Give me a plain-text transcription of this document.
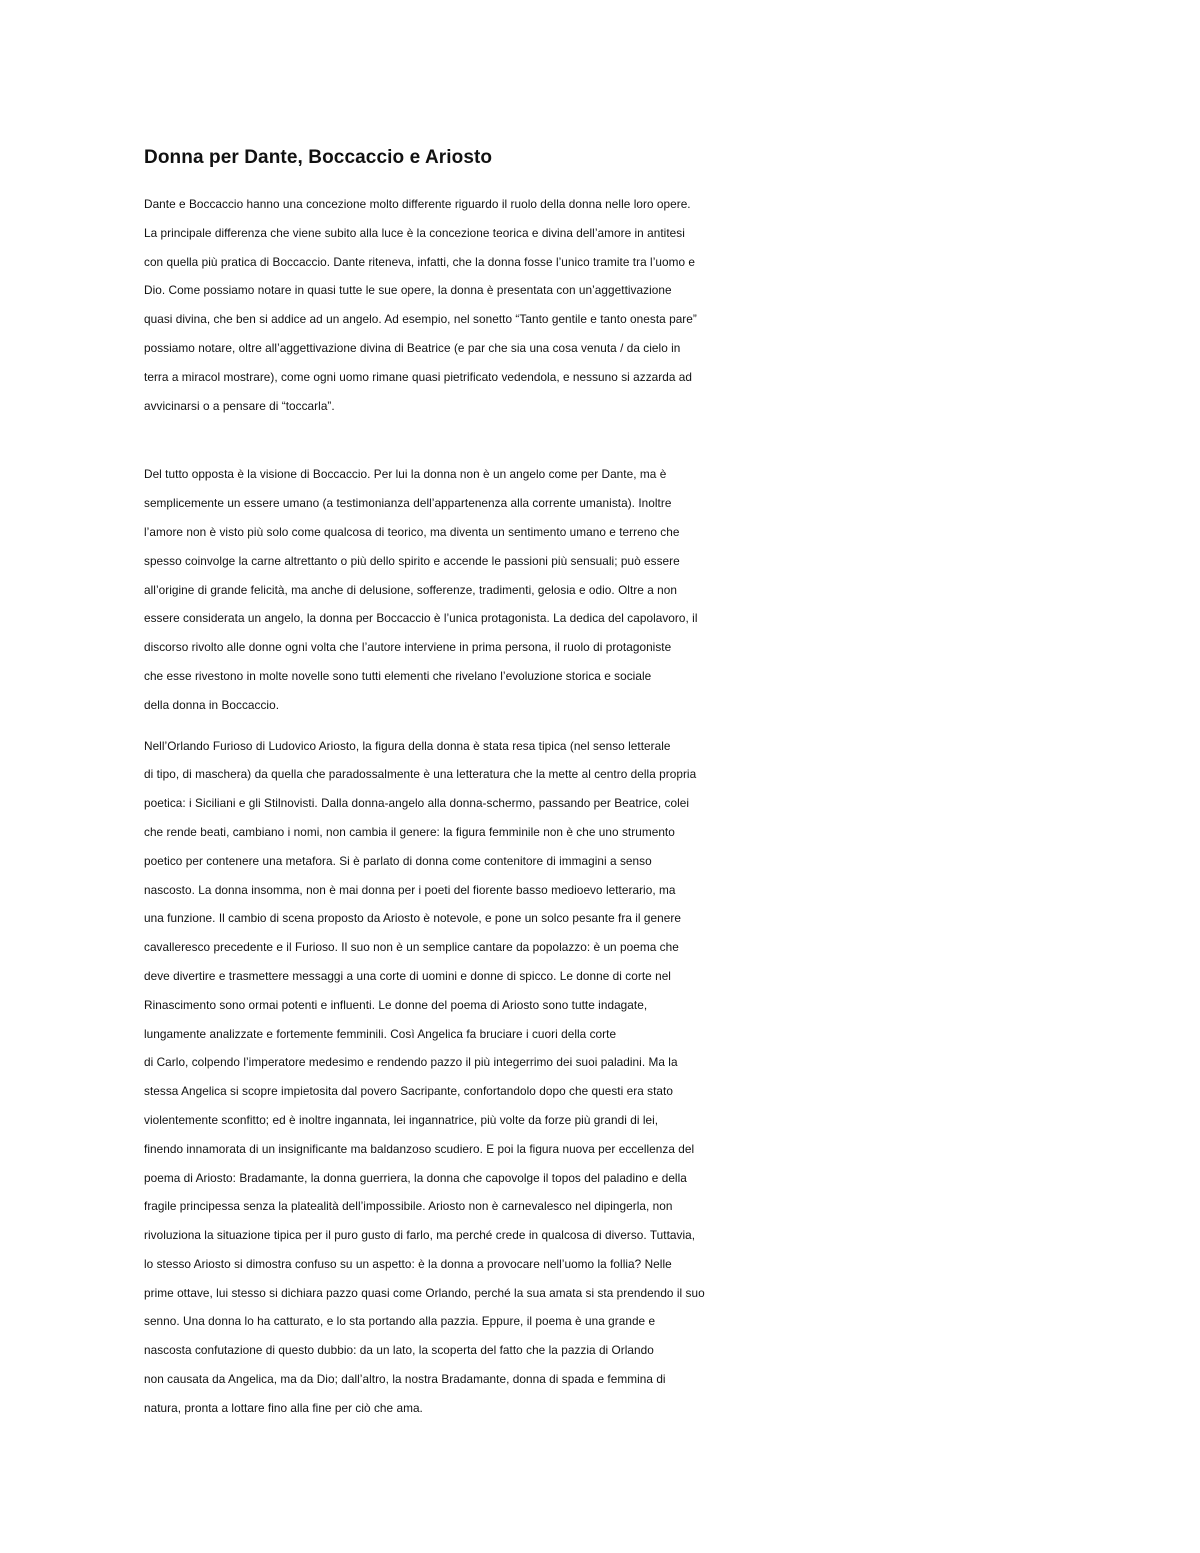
Donna per Dante, Boccaccio e Ariosto
Dante e Boccaccio hanno una concezione molto differente riguardo il ruolo della donna nelle loro opere.
La principale differenza che viene subito alla luce è la concezione teorica e divina dell’amore in antitesi
con quella più pratica di Boccaccio. Dante riteneva, infatti, che la donna fosse l’unico tramite tra l’uomo e
Dio. Come possiamo notare in quasi tutte le sue opere, la donna è presentata con un’aggettivazione
quasi divina, che ben si addice ad un angelo. Ad esempio, nel sonetto “Tanto gentile e tanto onesta pare”
possiamo notare, oltre all’aggettivazione divina di Beatrice (e par che sia una cosa venuta / da cielo in
terra a miracol mostrare), come ogni uomo rimane quasi pietrificato vedendola, e nessuno si azzarda ad
avvicinarsi o a pensare di “toccarla”.
Del tutto opposta è la visione di Boccaccio. Per lui la donna non è un angelo come per Dante, ma è
semplicemente un essere umano (a testimonianza dell’appartenenza alla corrente umanista). Inoltre
l’amore non è visto più solo come qualcosa di teorico, ma diventa un sentimento umano e terreno che
spesso coinvolge la carne altrettanto o più dello spirito e accende le passioni più sensuali; può essere
all’origine di grande felicità, ma anche di delusione, sofferenze, tradimenti, gelosia e odio. Oltre a non
essere considerata un angelo, la donna per Boccaccio è l’unica protagonista. La dedica del capolavoro, il
discorso rivolto alle donne ogni volta che l’autore interviene in prima persona, il ruolo di protagoniste
che esse rivestono in molte novelle sono tutti elementi che rivelano l’evoluzione storica e sociale
della donna in Boccaccio.
Nell’Orlando Furioso di Ludovico Ariosto, la figura della donna è stata resa tipica (nel senso letterale
di tipo, di maschera) da quella che paradossalmente è una letteratura che la mette al centro della propria
poetica: i Siciliani e gli Stilnovisti. Dalla donna-angelo alla donna-schermo, passando per Beatrice, colei
che rende beati, cambiano i nomi, non cambia il genere: la figura femminile non è che uno strumento
poetico per contenere una metafora. Si è parlato di donna come contenitore di immagini a senso
nascosto. La donna insomma, non è mai donna per i poeti del fiorente basso medioevo letterario, ma
una funzione. Il cambio di scena proposto da Ariosto è notevole, e pone un solco pesante fra il genere
cavalleresco precedente e il Furioso. Il suo non è un semplice cantare da popolazzo: è un poema che
deve divertire e trasmettere messaggi a una corte di uomini e donne di spicco. Le donne di corte nel
Rinascimento sono ormai potenti e influenti. Le donne del poema di Ariosto sono tutte indagate,
lungamente analizzate e fortemente femminili. Così Angelica fa bruciare i cuori della corte
di Carlo, colpendo l’imperatore medesimo e rendendo pazzo il più integerrimo dei suoi paladini. Ma la
stessa Angelica si scopre impietosita dal povero Sacripante, confortandolo dopo che questi era stato
violentemente sconfitto; ed è inoltre ingannata, lei ingannatrice, più volte da forze più grandi di lei,
finendo innamorata di un insignificante ma baldanzoso scudiero. E poi la figura nuova per eccellenza del
poema di Ariosto: Bradamante, la donna guerriera, la donna che capovolge il topos del paladino e della
fragile principessa senza la platealità dell’impossibile. Ariosto non è carnevalesco nel dipingerla, non
rivoluziona la situazione tipica per il puro gusto di farlo, ma perché crede in qualcosa di diverso. Tuttavia,
lo stesso Ariosto si dimostra confuso su un aspetto: è la donna a provocare nell’uomo la follia? Nelle
prime ottave, lui stesso si dichiara pazzo quasi come Orlando, perché la sua amata si sta prendendo il suo
senno. Una donna lo ha catturato, e lo sta portando alla pazzia. Eppure, il poema è una grande e
nascosta confutazione di questo dubbio: da un lato, la scoperta del fatto che la pazzia di Orlando
non causata da Angelica, ma da Dio; dall’altro, la nostra Bradamante, donna di spada e femmina di
natura, pronta a lottare fino alla fine per ciò che ama.
